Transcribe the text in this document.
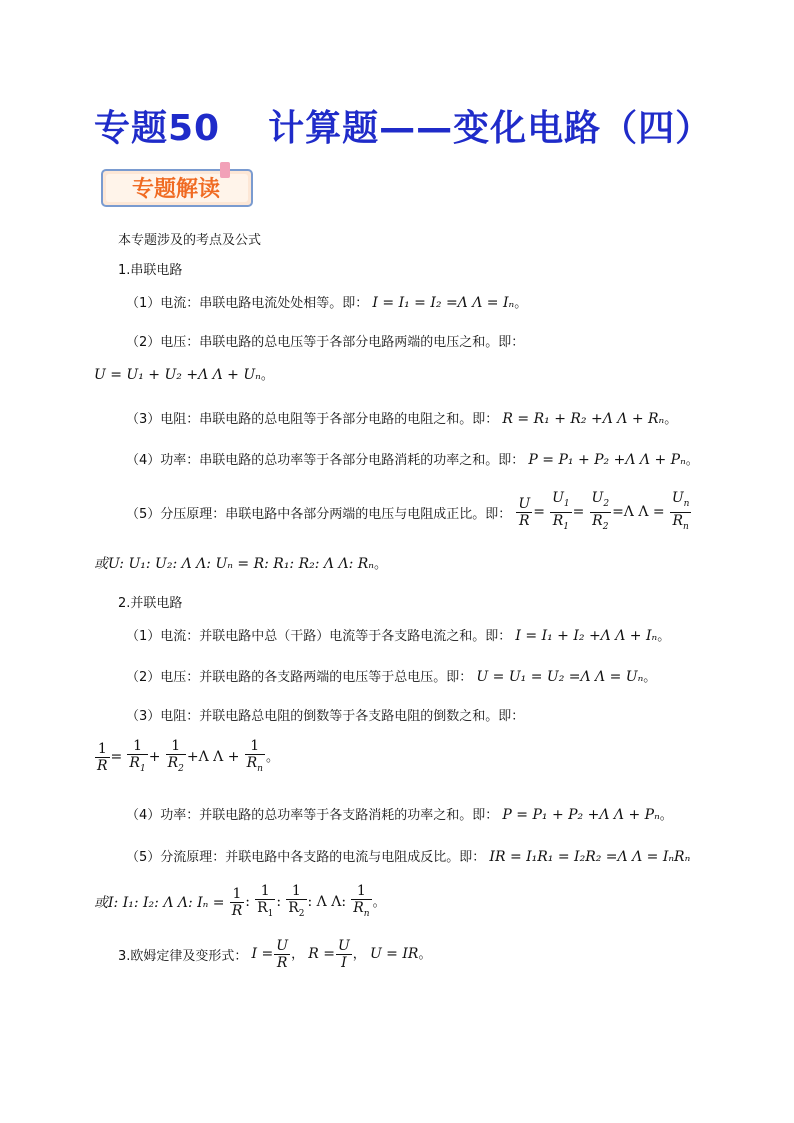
专题50 计算题——变化电路（四）
专题解读
本专题涉及的考点及公式
1.串联电路
（1）电流：串联电路电流处处相等。即： I = I₁ = I₂ =Λ Λ = Iₙ。
（2）电压：串联电路的总电压等于各部分电路两端的电压之和。即：
U = U₁ + U₂ +Λ Λ + Uₙ。
（3）电阻：串联电路的总电阻等于各部分电路的电阻之和。即： R = R₁ + R₂ +Λ Λ + Rₙ。
（4）功率：串联电路的总功率等于各部分电路消耗的功率之和。即： P = P₁ + P₂ +Λ Λ + Pₙ。
（5）分压原理：串联电路中各部分两端的电压与电阻成正比。即： $\frac{U}{R} = \frac{U_1}{R_1} = \frac{U_2}{R_2} =\Lambda$ $\Lambda = \frac{U_n}{R_n}$
或U: U₁: U₂: Λ Λ: Uₙ = R: R₁: R₂: Λ Λ: Rₙ。
2.并联电路
（1）电流：并联电路中总（干路）电流等于各支路电流之和。即： I = I₁ + I₂ +Λ Λ + Iₙ。
（2）电压：并联电路的各支路两端的电压等于总电压。即： U = U₁ = U₂ =Λ Λ = Uₙ。
（3）电阻：并联电路总电阻的倒数等于各支路电阻的倒数之和。即：
$\frac{1}{R} = \frac{1}{R_1} + \frac{1}{R_2} +\Lambda$ $\Lambda + \frac{1}{R_n}$ 。
（4）功率：并联电路的总功率等于各支路消耗的功率之和。即： P = P₁ + P₂ +Λ Λ + Pₙ。
（5）分流原理：并联电路中各支路的电流与电阻成反比。即： IR = I₁R₁ = I₂R₂ =Λ Λ = IₙRₙ
或I: I₁: I₂: Λ Λ: $I_n = \frac{1}{R}$ : $\frac{1}{R_1}$ : $\frac{1}{R_2}$ : Λ Λ: $\frac{1}{R_n}$ 。
3.欧姆定律及变形式： $I = \frac{U}{R}$ ， $R = \frac{U}{I}$ ， U = IR。
